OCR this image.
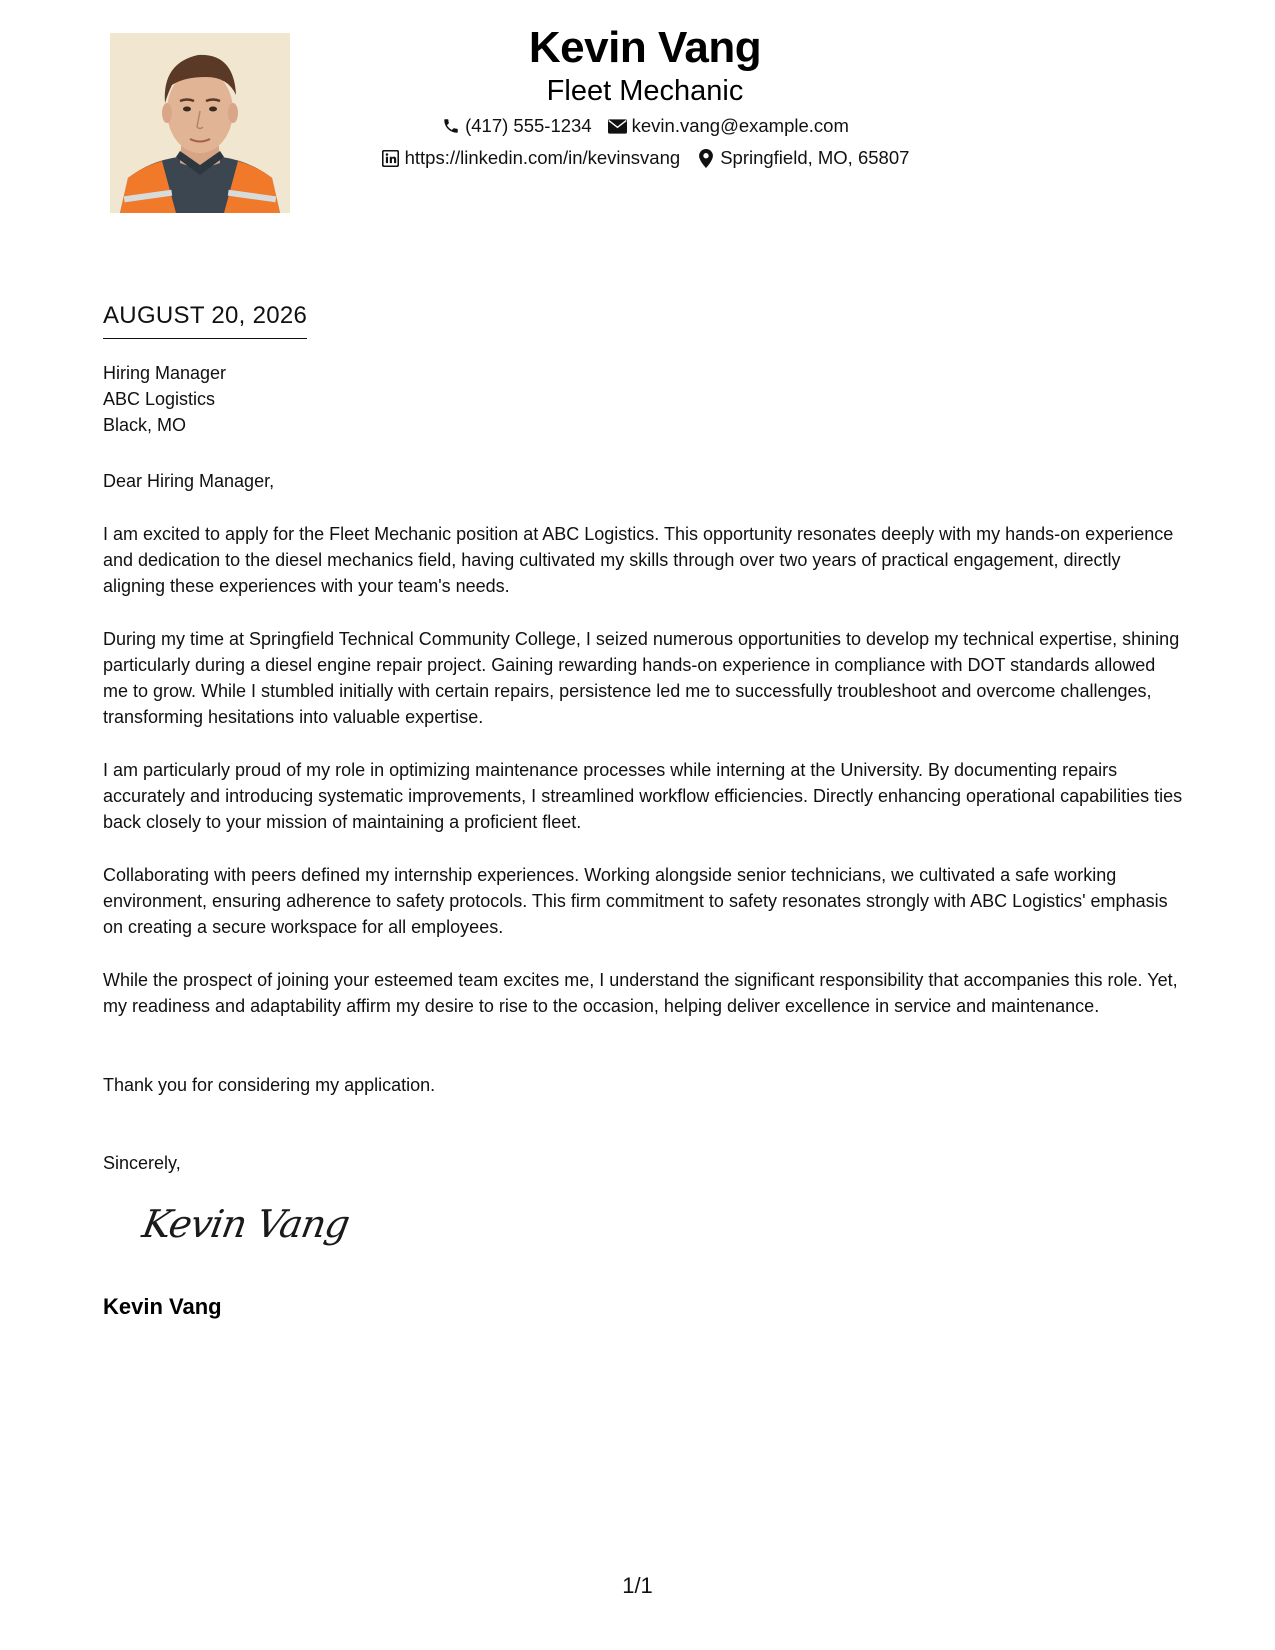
Kevin Vang
Fleet Mechanic
(417) 555-1234 kevin.vang@example.com
https://linkedin.com/in/kevinsvang Springfield, MO, 65807
AUGUST 20, 2026

Hiring Manager

ABC Logistics

Black, MO

Dear Hiring Manager,
I am excited to apply for the Fleet Mechanic position at ABC Logistics. This opportunity resonates deeply with my hands-on experience and dedication to the diesel mechanics field, having cultivated my skills through over two years of practical engagement, directly aligning these experiences with your team's needs.
During my time at Springfield Technical Community College, I seized numerous opportunities to develop my technical expertise, shining particularly during a diesel engine repair project. Gaining rewarding hands-on experience in compliance with DOT standards allowed me to grow. While I stumbled initially with certain repairs, persistence led me to successfully troubleshoot and overcome challenges, transforming hesitations into valuable expertise.
I am particularly proud of my role in optimizing maintenance processes while interning at the University. By documenting repairs accurately and introducing systematic improvements, I streamlined workflow efficiencies. Directly enhancing operational capabilities ties back closely to your mission of maintaining a proficient fleet.
Collaborating with peers defined my internship experiences. Working alongside senior technicians, we cultivated a safe working environment, ensuring adherence to safety protocols. This firm commitment to safety resonates strongly with ABC Logistics' emphasis on creating a secure workspace for all employees.
While the prospect of joining your esteemed team excites me, I understand the significant responsibility that accompanies this role. Yet, my readiness and adaptability affirm my desire to rise to the occasion, helping deliver excellence in service and maintenance.
Thank you for considering my application.
Sincerely,
Kevin Vang
Kevin Vang
1/1
